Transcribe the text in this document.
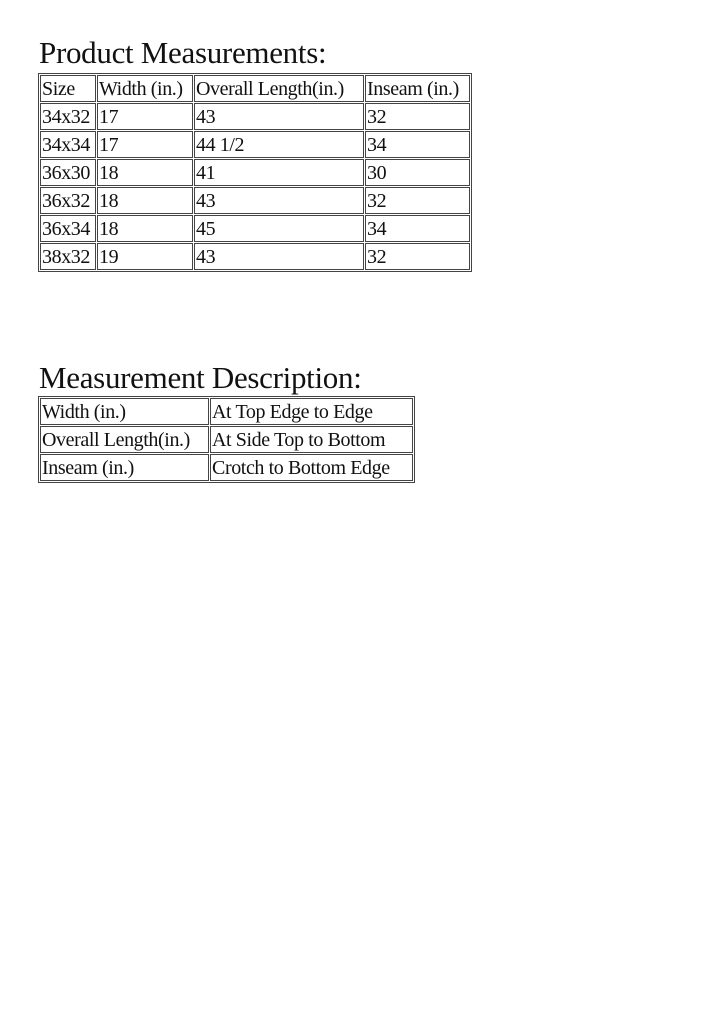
Product Measurements:
Size	Width (in.)	Overall Length(in.)	Inseam (in.)
34x32	17	43	32
34x34	17	44 1/2	34
36x30	18	41	30
36x32	18	43	32
36x34	18	45	34
38x32	19	43	32
Measurement Description:
Width (in.)	At Top Edge to Edge
Overall Length(in.)	At Side Top to Bottom
Inseam (in.)	Crotch to Bottom Edge
